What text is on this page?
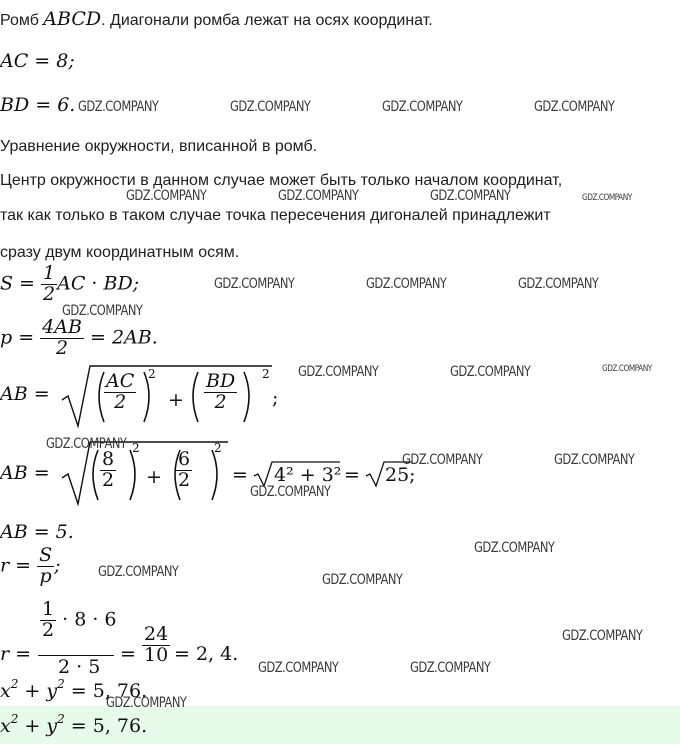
Ромб ABCD. Диагонали ромба лежат на осях координат.
AC = 8;
BD = 6.
Уравнение окружности, вписанной в ромб.
Центр окружности в данном случае может быть только началом координат,
так как только в таком случае точка пересечения дигоналей принадлежит
сразу двум координатным осям.
$S = \frac{1}{2}$ AC · BD;
$p = \frac{4AB}{2} = 2AB$.
AB =	$\frac{AC}{2} 2$
+ $\frac{BD}{2} 2$
;
AB =	$\frac{8}{2}$
2
+ $\frac{6}{2}$
2
= 4² + 3² = 25;
AB = 5.
$r = \frac{S}{p}$ ;
r =
$\frac{1}{2} \cdot 8 \cdot 6$
2 · 5
= $\frac{24}{10} = 2$, 4.
$x^2 + y^2 = 5$, 76.
$x^2 + y^2 = 5$, 76.
GDZ.COMPANY	GDZ.COMPANY	GDZ.COMPANY	GDZ.COMPANY
GDZ.COMPANY	GDZ.COMPANY	GDZ.COMPANY	GDZ.COMPANY
GDZ.COMPANY	GDZ.COMPANY	GDZ.COMPANY
GDZ.COMPANY
GDZ.COMPANY	GDZ.COMPANY	GDZ.COMPANY
GDZ.COMPANY
GDZ.COMPANY	GDZ.COMPANY
GDZ.COMPANY
GDZ.COMPANY
GDZ.COMPANY	GDZ.COMPANY
GDZ.COMPANY
GDZ.COMPANY	GDZ.COMPANY
GDZ.COMPANY
